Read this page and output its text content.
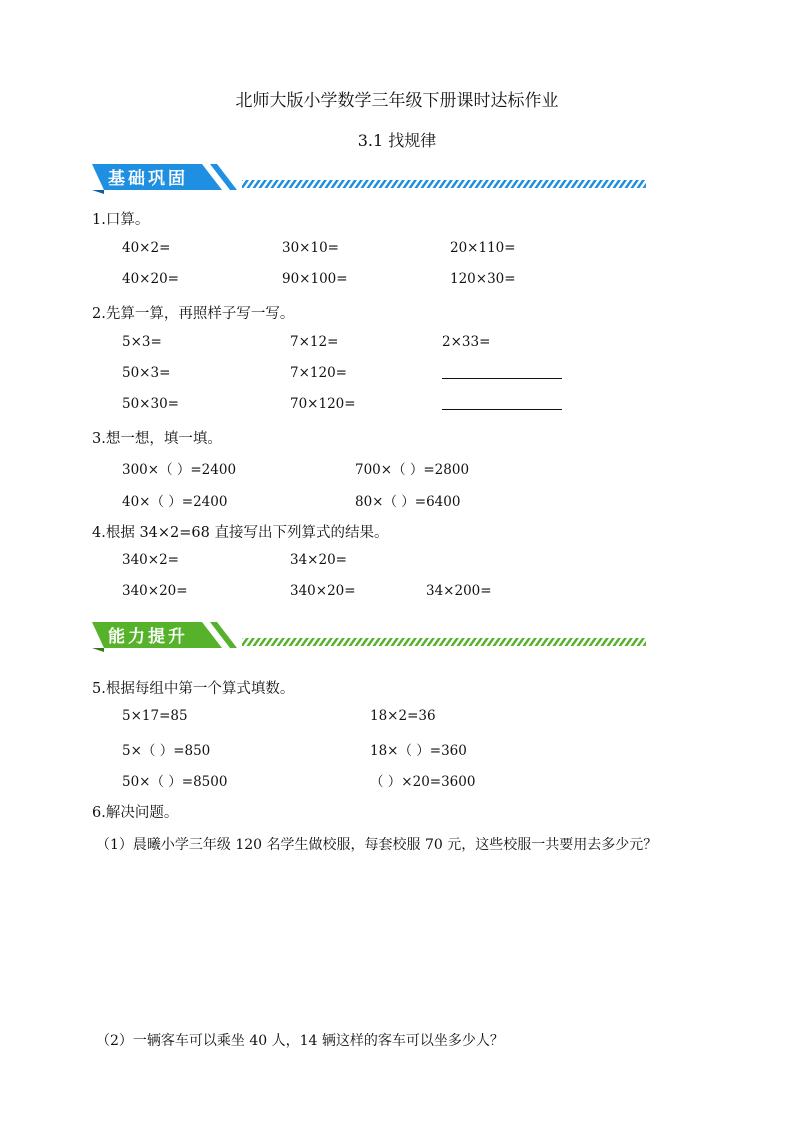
北师大版小学数学三年级下册课时达标作业
3.1 找规律
基础巩固
1.口算。
40×2=	30×10=	20×110=
40×20=	90×100=	120×30=
2.先算一算，再照样子写一写。
5×3=	7×12=	2×33=
50×3=	7×120=
50×30=	70×120=
3.想一想，填一填。
300×（ ）=2400	700×（ ）=2800
40×（ ）=2400	80×（ ）=6400
4.根据 34×2=68 直接写出下列算式的结果。
340×2=	34×20=
340×20=	340×20=	34×200=
能力提升
5.根据每组中第一个算式填数。
5×17=85	18×2=36
5×（ ）=850	18×（ ）=360
50×（ ）=8500	（ ）×20=3600
6.解决问题。
（1）晨曦小学三年级 120 名学生做校服，每套校服 70 元，这些校服一共要用去多少元？
（2）一辆客车可以乘坐 40 人，14 辆这样的客车可以坐多少人？
